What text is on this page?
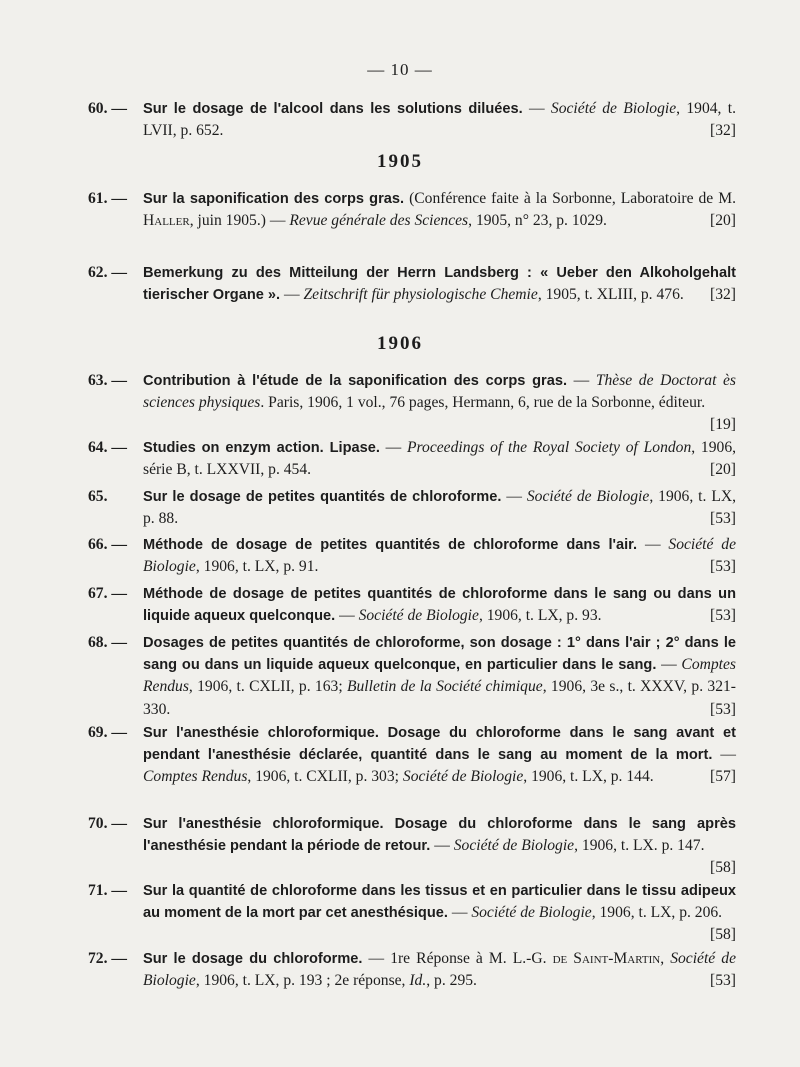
— 10 —
60. — Sur le dosage de l'alcool dans les solutions diluées. — Société de Biologie, 1904, t. LVII, p. 652.	[32]
1905
61. — Sur la saponification des corps gras. (Conférence faite à la Sorbonne, Laboratoire de M. Haller, juin 1905.) — Revue générale des Sciences, 1905, n° 23, p. 1029.	[20]
62. — Bemerkung zu des Mitteilung der Herrn Landsberg : « Ueber den Alkoholgehalt tierischer Organe ». — Zeitschrift für physiologische Chemie, 1905, t. XLIII, p. 476. [32]
1906
63. — Contribution à l'étude de la saponification des corps gras. — Thèse de Doctorat ès sciences physiques. Paris, 1906, 1 vol., 76 pages, Hermann, 6, rue de la Sorbonne, éditeur.
[19]
64. — Studies on enzym action. Lipase. — Proceedings of the Royal Society of London, 1906, série B, t. LXXVII, p. 454.	[20]
65. Sur le dosage de petites quantités de chloroforme. — Société de Biologie, 1906, t. LX, p. 88.	[53]
66. — Méthode de dosage de petites quantités de chloroforme dans l'air. — Société de Biologie, 1906, t. LX, p. 91.	[53]
67. — Méthode de dosage de petites quantités de chloroforme dans le sang ou dans un liquide aqueux quelconque. — Société de Biologie, 1906, t. LX, p. 93.	[53]
68. — Dosages de petites quantités de chloroforme, son dosage : 1° dans l'air ; 2° dans le sang ou dans un liquide aqueux quelconque, en particulier dans le sang. — Comptes Rendus, 1906, t. CXLII, p. 163; Bulletin de la Société chimique, 1906, 3e s., t. XXXV, p. 321-330.	[53]
69. — Sur l'anesthésie chloroformique. Dosage du chloroforme dans le sang avant et pendant l'anesthésie déclarée, quantité dans le sang au moment de la mort. — Comptes Rendus, 1906, t. CXLII, p. 303; Société de Biologie, 1906, t. LX, p. 144.	[57]
70. — Sur l'anesthésie chloroformique. Dosage du chloroforme dans le sang après l'anesthésie pendant la période de retour. — Société de Biologie, 1906, t. LX. p. 147.
[58]
71. — Sur la quantité de chloroforme dans les tissus et en particulier dans le tissu adipeux au moment de la mort par cet anesthésique. — Société de Biologie, 1906, t. LX, p. 206.
[58]
72. — Sur le dosage du chloroforme. — 1re Réponse à M. L.-G. de Saint-Martin, Société de Biologie, 1906, t. LX, p. 193 ; 2e réponse, Id., p. 295.	[53]
